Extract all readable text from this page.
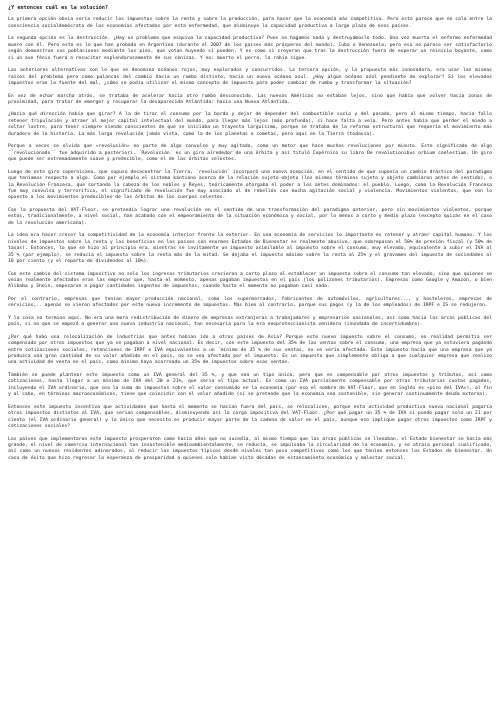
¿Y entonces cuál es la solución?
La primera opción obvia sería reducir los impuestos sobre la renta y sobre la producción, para hacer que la economía más competitiva. Pero esto parece que no cala entre la consciencia socialdemócrata de las economías afectadas por esta enfermedad, que disminuye la capacidad productiva a largo plazo de esos países.
La segunda opción es la destrucción. ¿Hay un problema que esquiva la capacidad productiva? Pues no hagamos nada y destruyámoslo todo. Una vez muerto el enfermo enfermedad muere con él. Pero esto es lo que han probado en Argentina (durante el 2007 de los países más prósperos del mundo), Cuba o Venezuela, pero eso no parece ser satisfactorio según demuestran sus poblaciones mediante los pies, que votan huyendo si pueden. Y es como si creyeran que tras la destrucción fuera de esperar un reinicio boyante, como si un ave fénix fuera a resucitar esplendorosamente de sus cenizas. Y no: muerto el perro, la rabia sigue.
Las anteriores alternativas son lo que se denomina océanos rojos, muy explorados y concurridos. La tercera opción, y la propuesta más innovadora, era usar las mismas raíces del problema pero como palancas del cambio hacia un rumbo distinto, hacia un nuevo océano azul. ¿Hay algún océano azul pendiente de explorar? Si los elevados impuestos eran la fuente del mal, ¿cómo se podía utilizar el mismo concepto de impuesto para poder cambiar de rumbo y transformar la situación?
En vez de echar marcha atrás, se trataba de acelerar hacia otro rumbo desconocido. Las nuevas Américas no estaban lejos, sino que había que volver hacia zonas de proximidad, para tratar de emerger y recuperar la desaparecida Atlántida: hacia una Nueva Atlántida.
¿Hacia qué dirección había que girar? A la de tirar el consumo por la borda y dejar de depender del combustible sucio y del pasado, pero al mismo tiempo, hacia fallo retener tripulación y atraer al mejor capital intelectual del mundo, para llegar más lejos (más profundo), si hace falta a vela. Pero antes había que perder el miedo a soltar lastre, para tener siempre siendo conscientes de que se iniciaba un trayecto larguísimo, porque se trataba de la reforma estructural que requería el movimiento más duradero de la historia. La más larga revolución jamás vista, como la de los planetas o cometas, pero aquí en la Tierra (todavía).
Porque a veces se olvida que «revolución» no parte de algo convulso y muy agitado, como un motor que hace muchas revoluciones por minuto. Este significado de algo ´´revolucionado´´ fue adquirido a posteriori. ´Revolución´ es un giro alrededor de una órbita y así tituló Copérnico su libro De revolutionibus orbium coelestium. Un giro que puede ser extremadamente suave y predecible, como el de las órbitas celestes.
Luego de este giro copernicano, que supuso desacentrar la Tierra, ´revolución´ incorporó una nueva acepción, en el sentido de que suponía un cambio drástico del paradigma que teníamos respecto a algo. Como por ejemplo el sistema kantiano acerca de la relación sujeto-objeto (los mismos términos sujeto y objeto cambiaron antes de sentido), o la Revolución Francesa, que cortando la cabeza de los nobles y Reyes, teóricamente otorgaba el poder a los antes dominados: el pueblo. Luego, como la Revolución Francesa fue muy convulsa y terrorífica, el significado de revolución fue muy asociado al de rebelión con mucha agitación social y violencia. Movimientos violentos, que son lo opuesto a los movimientos predecibles de las órbitas de los cuerpos celestes.
Con la propuesta del VAT-Floor, se pretendía lograr una revolución en el sentido de una transformación del paradigma anterior, pero sin movimientos violentos, porque estos, tradicionalmente, a nivel social, han acabado con el empeoramiento de la situación económica y social, por lo menos a corto y medio plazo (excepto quizás en el caso de la revolución americana).
La idea era hacer crecer la competitividad de la economía interior frente la exterior. En una economía de servicios lo importante es retener y atraer capital humano. Y los niveles de impuestos sobre la renta y los beneficios en los países con enormes Estados de Bienestar es realmente abusivo, que sobrepasan el 50% de presión fiscal (y 50% de tasas). Entonces, lo que se hizo al principio era, mientras se invitamente un impuesto asimilable al impuesto sobre el consumo, muy elevado, equivalente a subir el IVA al 35 % (por ejemplo), se reducía el impuesto sobre la renta más de la mitad. Se dejaba el impuesto máximo sobre la renta al 25% y el gravamen del impuesto de sociedades al 10 por ciento (y el reparto de dividendos al 10%).
Con este cambio del sistema impositivo no solo los ingresos tributarios crecieron a corto plazo al establecer un impuesto sobre el consumo tan elevado, sino que quienes se veían realmente afectados eran las empresas que, hasta el momento, apenas pagaban impuestos en el país (los polizones tributarios). Empresas como Google y Amazon, o bien Alibaba y Shein, empezaron a pagar cantidades ingentes de impuestos, cuando hasta el momento no pagaban casi nada.
Por el contrario, empresas que tenían mayor producción nacional, como los supermercados, fabricantes de automóviles, agricultores..., y hosteleros, empresas de servicios,.. apenas se vieron afectados por este nuevo incremento de impuestos. Más bien al contrario, porque sus pagos (y la de los empleados) de IRPF e IS se redujeron.
Y la cosa no termino aquí. No era una mera redistribución de dinero de empresas extranjeras a trabajadores y empresarios nacionales, así como hacia las arcas públicas del país, si no que se empezó a generar una nueva industria nacional, tan necesaria para la era neoproteccionista venidera (inundada de incertidumbre).
¿Por qué hubo una relocalización de industrias que antes habían ido a otros países de Asia? Porque este nuevo impuesto sobre el consumo, en realidad permitía ser compensado por otros impuestos que ya se pagaban a nivel nacional. Es decir, con este impuesto del 35% de las ventas sobre el consumo, una empresa que ya estuviera pagando entre cotizaciones sociales, retenciones de IRPF e IVA equivalentes a un ´mínimo de 35 % de sus ventas, no se vería afectada. Este impuesto hacía que una empresa que ya produzca una gran cantidad de su valor añadido en el país, no se vea afectada por el impuesto. Es un impuesto que simplemente obliga a que cualquier empresa que realizo una actividad de venta en el país, como mínimo haya acarreado un 35% de impuestos sobre esas ventas.
También se puede plantear este impuesto como un IVA general del 35 %, y que sea un tipo único, pero que es compensable por otros impuestos y tributos, así como cotizaciones, hasta llegar a un mínimo de IVA del 20 o 21%, que sería el tipo actual. Es como un IVA parcialmente compensable por otras tributarias cuotas pagadas, incluyendo el IVA ordinario, que sea la suma de impuestos sobre el valor consumido en la economía (por eso el nombre de VAT-Floor, que en inglés es «piso del IVA»), al fin y al cabo, en términos macroeconómicos, tiene que coincidir con el valor añadido (si se pretende que la economía sea sostenible, sin generar continuamente deuda externa).
Entonces este impuesto incentiva que actividades que hasta el momento se hacían fuera del país, se relocalicen, porque esta actividad productiva nueva nacional pagaría otros impuestos distintos al IVA, que serían compensables, disminuyendo así la carga impositiva del VAT-Floor. ¿Por qué pagar un 35 % de IVA si puedo pagar solo un 21 por ciento (el IVA ordinario general) y lo único que necesito es producir mayor parte de la cadena de valor en el país, aunque eso implique pagar otros impuestos como IRPF y cotizaciones sociales?
Los países que implementaron este impuesto prosperaron como hacía años que no sucedía, al mismo tiempo que las arcas públicas se llenaban, el Estado bienestar se hacía más grande, el nivel de comercio internacional tan insostenible medioambientalmente, se reducía, se impulsaba la circularidad de la economía, y se atraía personal cualificado, así como un nuevos residentes adinerados, al reducir los impuestos típicos desde niveles tan poco competitivos como los que tenían entonces los Estados de bienestar. Un caso de éxito que hizo regresar la esperanza de prosperidad a quienes solo habían visto décadas de estancamiento económico y malestar social.
